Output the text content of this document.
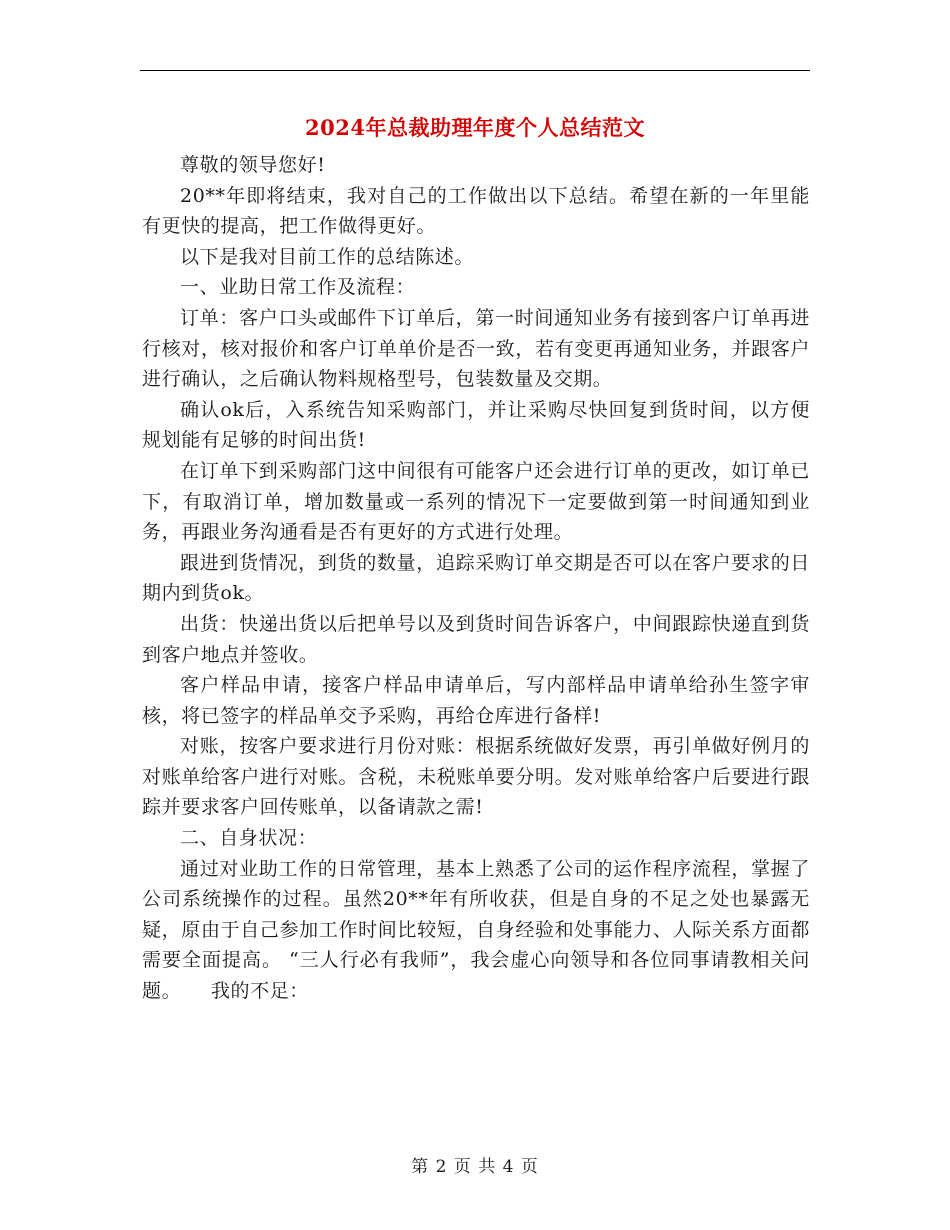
2024年总裁助理年度个人总结范文

尊敬的领导您好!

20**年即将结束，我对自己的工作做出以下总结。希望在新的一年里能有更快的提高，把工作做得更好。

以下是我对目前工作的总结陈述。

一、业助日常工作及流程：

订单：客户口头或邮件下订单后，第一时间通知业务有接到客户订单再进行核对，核对报价和客户订单单价是否一致，若有变更再通知业务，并跟客户进行确认，之后确认物料规格型号，包装数量及交期。

确认ok后，入系统告知采购部门，并让采购尽快回复到货时间，以方便规划能有足够的时间出货!

在订单下到采购部门这中间很有可能客户还会进行订单的更改，如订单已下，有取消订单，增加数量或一系列的情况下一定要做到第一时间通知到业务，再跟业务沟通看是否有更好的方式进行处理。

跟进到货情况，到货的数量，追踪采购订单交期是否可以在客户要求的日期内到货ok。

出货：快递出货以后把单号以及到货时间告诉客户，中间跟踪快递直到货到客户地点并签收。

客户样品申请，接客户样品申请单后，写内部样品申请单给孙生签字审核，将已签字的样品单交予采购，再给仓库进行备样!

对账，按客户要求进行月份对账：根据系统做好发票，再引单做好例月的对账单给客户进行对账。含税，未税账单要分明。发对账单给客户后要进行跟踪并要求客户回传账单，以备请款之需!

二、自身状况：

通过对业助工作的日常管理，基本上熟悉了公司的运作程序流程，掌握了公司系统操作的过程。虽然20**年有所收获，但是自身的不足之处也暴露无疑，原由于自己参加工作时间比较短，自身经验和处事能力、人际关系方面都需要全面提高。 “三人行必有我师”，我会虚心向领导和各位同事请教相关问题。　　我的不足：

第 2 页 共 4 页
